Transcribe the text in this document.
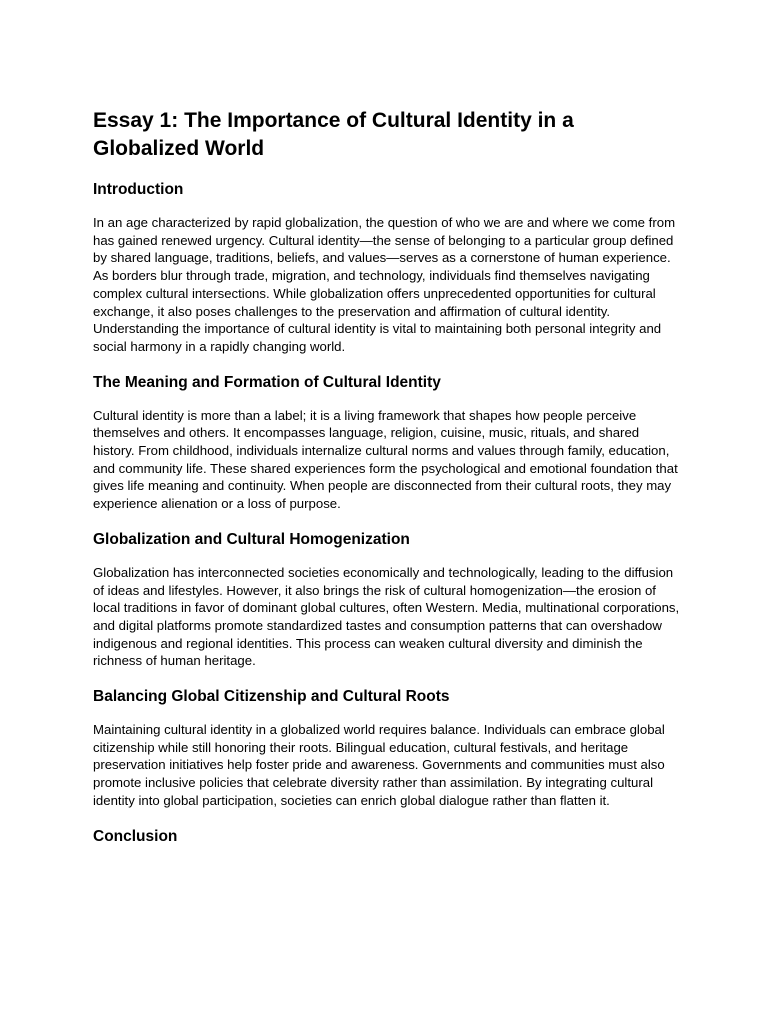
Essay 1: The Importance of Cultural Identity in a Globalized World
Introduction

In an age characterized by rapid globalization, the question of who we are and where we come from has gained renewed urgency. Cultural identity—the sense of belonging to a particular group defined by shared language, traditions, beliefs, and values—serves as a cornerstone of human experience. As borders blur through trade, migration, and technology, individuals find themselves navigating complex cultural intersections. While globalization offers unprecedented opportunities for cultural exchange, it also poses challenges to the preservation and affirmation of cultural identity. Understanding the importance of cultural identity is vital to maintaining both personal integrity and social harmony in a rapidly changing world.

The Meaning and Formation of Cultural Identity

Cultural identity is more than a label; it is a living framework that shapes how people perceive themselves and others. It encompasses language, religion, cuisine, music, rituals, and shared history. From childhood, individuals internalize cultural norms and values through family, education, and community life. These shared experiences form the psychological and emotional foundation that gives life meaning and continuity. When people are disconnected from their cultural roots, they may experience alienation or a loss of purpose.

Globalization and Cultural Homogenization

Globalization has interconnected societies economically and technologically, leading to the diffusion of ideas and lifestyles. However, it also brings the risk of cultural homogenization—the erosion of local traditions in favor of dominant global cultures, often Western. Media, multinational corporations, and digital platforms promote standardized tastes and consumption patterns that can overshadow indigenous and regional identities. This process can weaken cultural diversity and diminish the richness of human heritage.

Balancing Global Citizenship and Cultural Roots

Maintaining cultural identity in a globalized world requires balance. Individuals can embrace global citizenship while still honoring their roots. Bilingual education, cultural festivals, and heritage preservation initiatives help foster pride and awareness. Governments and communities must also promote inclusive policies that celebrate diversity rather than assimilation. By integrating cultural identity into global participation, societies can enrich global dialogue rather than flatten it.

Conclusion
